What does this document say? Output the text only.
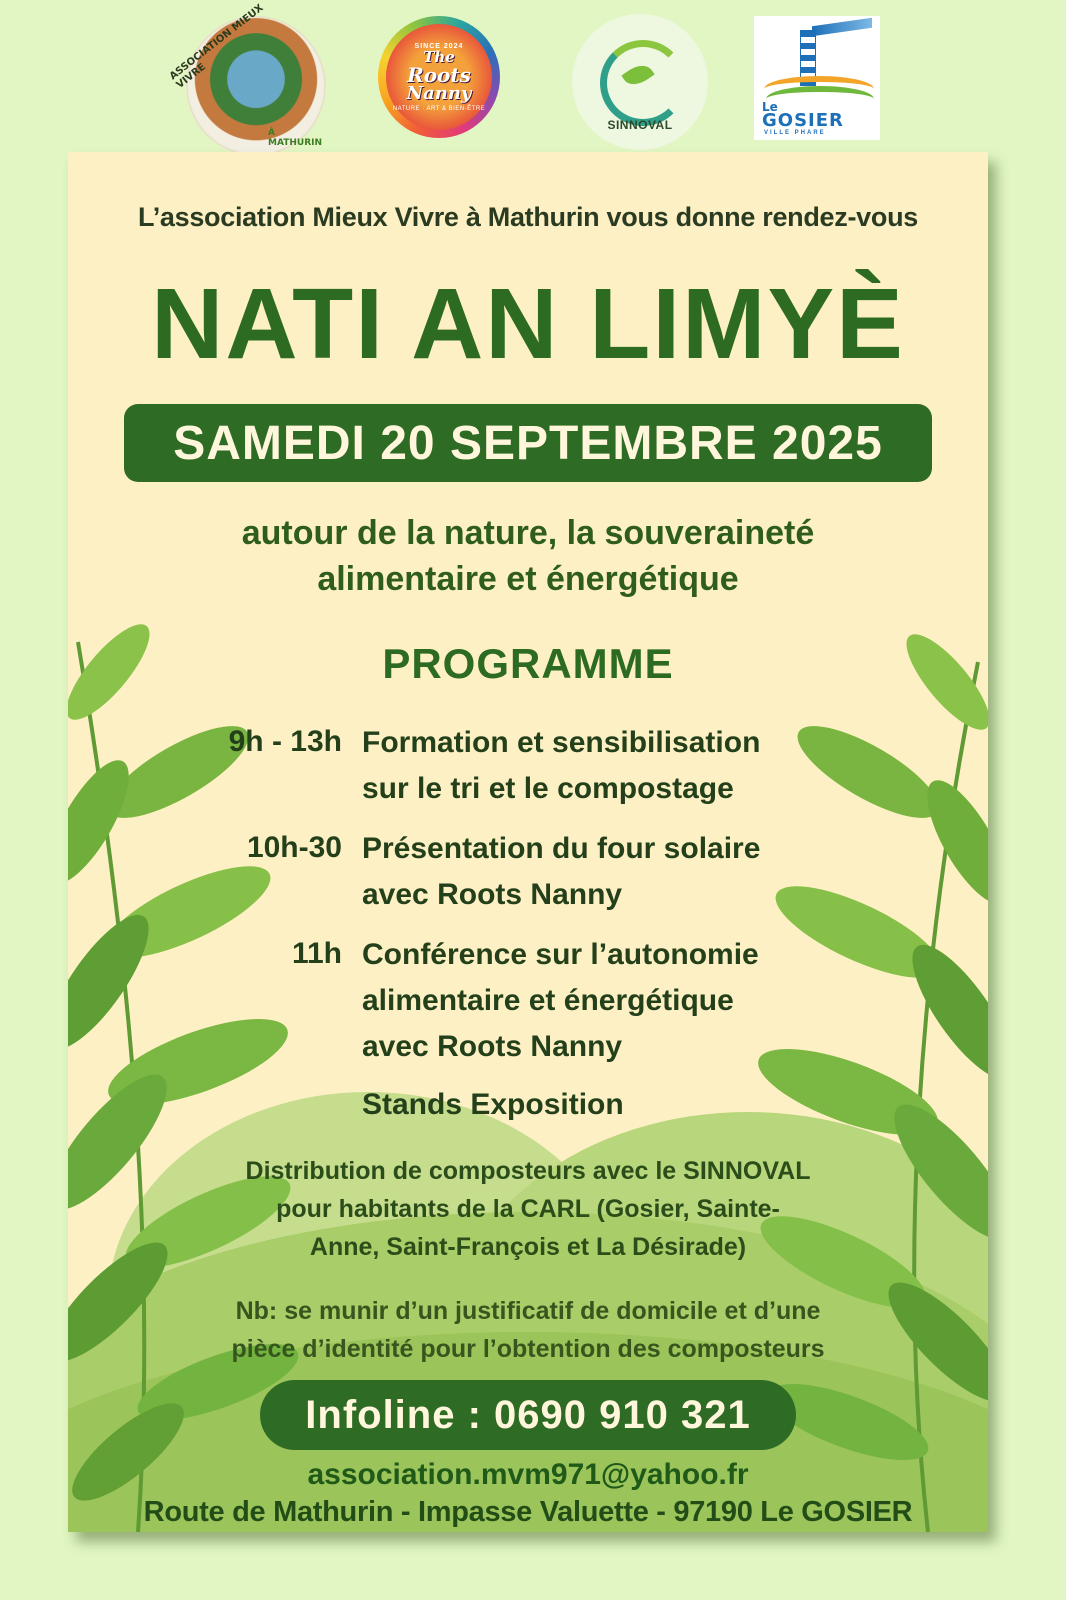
ASSOCIATION MIEUX VIVRE
À MATHURIN
SINCE 2024
The
Roots
Nanny
NATURE · ART & BIEN-ÊTRE
SINNOVAL
Le
GOSIER
VILLE PHARE
L’association Mieux Vivre à Mathurin vous donne rendez-vous
NATI AN LIMYÈ
SAMEDI 20 SEPTEMBRE 2025
autour de la nature, la souveraineté
alimentaire et énergétique
PROGRAMME
9h - 13h Formation et sensibilisation
sur le tri et le compostage
10h-30 Présentation du four solaire
avec Roots Nanny
11h Conférence sur l’autonomie
alimentaire et énergétique
avec Roots Nanny
Stands Exposition
Distribution de composteurs avec le SINNOVAL
pour habitants de la CARL (Gosier, Sainte-
Anne, Saint-François et La Désirade)
Nb: se munir d’un justificatif de domicile et d’une
pièce d’identité pour l’obtention des composteurs
Infoline : 0690 910 321
association.mvm971@yahoo.fr
Route de Mathurin - Impasse Valuette - 97190 Le GOSIER
